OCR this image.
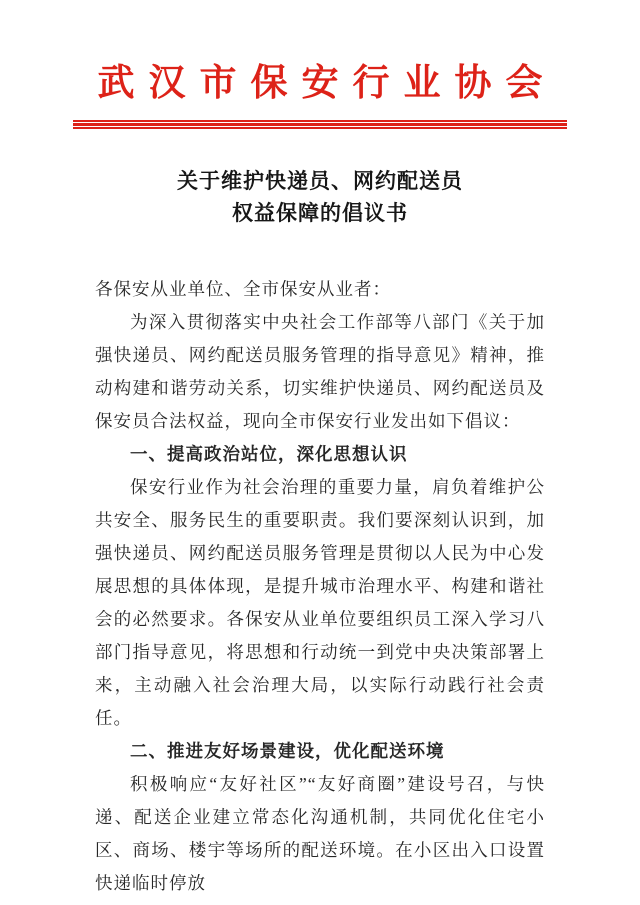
武汉市保安行业协会
关于维护快递员、网约配送员
权益保障的倡议书

各保安从业单位、全市保安从业者：

为深入贯彻落实中央社会工作部等八部门《关于加强快递员、网约配送员服务管理的指导意见》精神，推动构建和谐劳动关系，切实维护快递员、网约配送员及保安员合法权益，现向全市保安行业发出如下倡议：

一、提高政治站位，深化思想认识

保安行业作为社会治理的重要力量，肩负着维护公共安全、服务民生的重要职责。我们要深刻认识到，加强快递员、网约配送员服务管理是贯彻以人民为中心发展思想的具体体现，是提升城市治理水平、构建和谐社会的必然要求。各保安从业单位要组织员工深入学习八部门指导意见，将思想和行动统一到党中央决策部署上来，主动融入社会治理大局，以实际行动践行社会责任。

二、推进友好场景建设，优化配送环境

积极响应“友好社区”“友好商圈”建设号召，与快递、配送企业建立常态化沟通机制，共同优化住宅小区、商场、楼宇等场所的配送环境。在小区出入口设置快递临时停放
